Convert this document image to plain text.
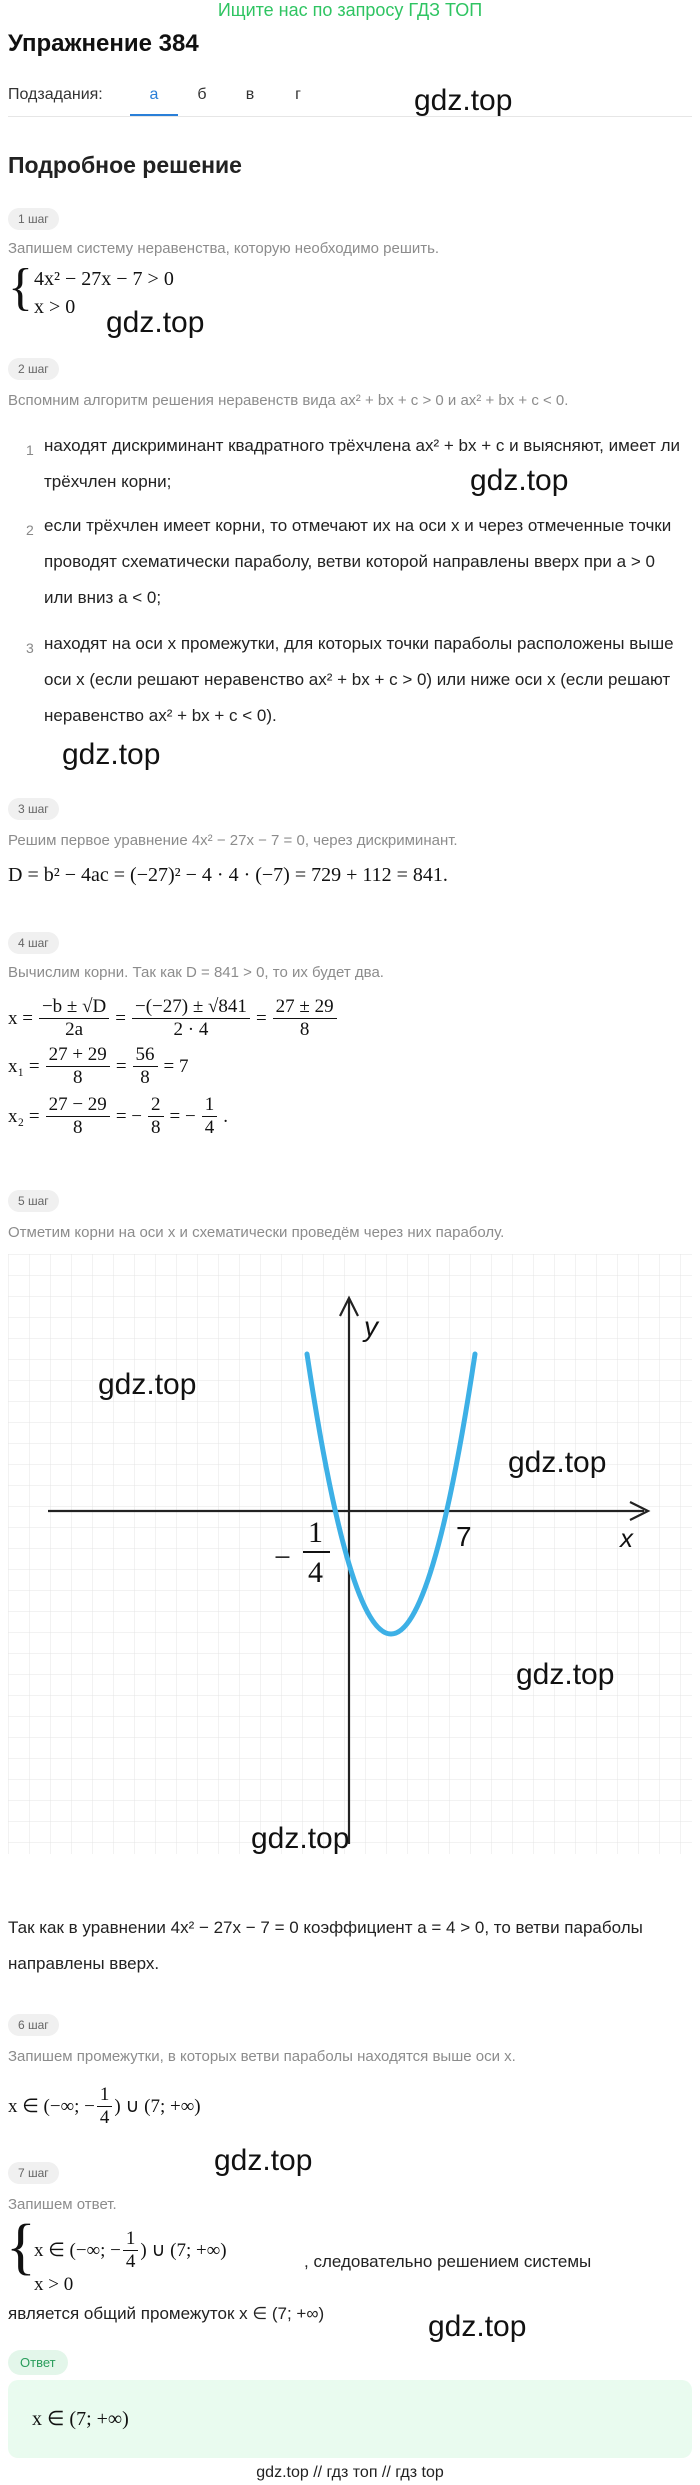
Ищите нас по запросу ГДЗ ТОП
Упражнение 384
Подзадания:	а	б	в	г	gdz.top
Подробное решение
1 шаг
Запишем систему неравенства, которую необходимо решить.
{ 4x² − 27x − 7 > 0
x > 0 gdz.top
2 шаг
Вспомним алгоритм решения неравенств вида ax² + bx + c > 0 и ax² + bx + c < 0.
1 находят дискриминант квадратного трёхчлена ax² + bx + c и выясняют, имеет ли трёхчлен корни;	gdz.top
2 если трёхчлен имеет корни, то отмечают их на оси x и через отмеченные точки проводят схематически параболу, ветви которой направлены вверх при a > 0 или вниз a < 0;
3 находят на оси x промежутки, для которых точки параболы расположены выше оси x (если решают неравенство ax² + bx + c > 0) или ниже оси x (если решают неравенство ax² + bx + c < 0).
gdz.top
3 шаг
Решим первое уравнение 4x² − 27x − 7 = 0, через дискриминант.
D = b² − 4ac = (−27)² − 4 · 4 · (−7) = 729 + 112 = 841.
4 шаг
Вычислим корни. Так как D = 841 > 0, то их будет два.
$x = \frac{-b \pm √D}{2a} = \frac{-(-27) \pm √841}{2 \cdot 4} = \frac{27 \pm 29}{8}$
$x_1 = \frac{27 + 29}{8} = \frac{56}{8} = 7$
$x_2 = \frac{27 - 29}{8}$ = − $\frac{2}{8}$ = − $\frac{1}{4}$ .
5 шаг
Отметим корни на оси x и схематически проведём через них параболу.
y
x
7
−
1
4
gdz.top
gdz.top
gdz.top
gdz.top
Так как в уравнении 4x² − 27x − 7 = 0 коэффициент a = 4 > 0, то ветви параболы направлены вверх.
6 шаг
Запишем промежутки, в которых ветви параболы находятся выше оси x.
x ∈ (−∞; − $\frac{1}{4}$ ) ∪ (7; +∞)
gdz.top
7 шаг
Запишем ответ.
{
x ∈ (−∞; − $\frac{1}{4}$ ) ∪ (7; +∞)
x > 0
, следовательно решением системы
является общий промежуток x ∈ (7; +∞)	gdz.top
Ответ
x ∈ (7; +∞)
gdz.top // гдз топ // гдз top
